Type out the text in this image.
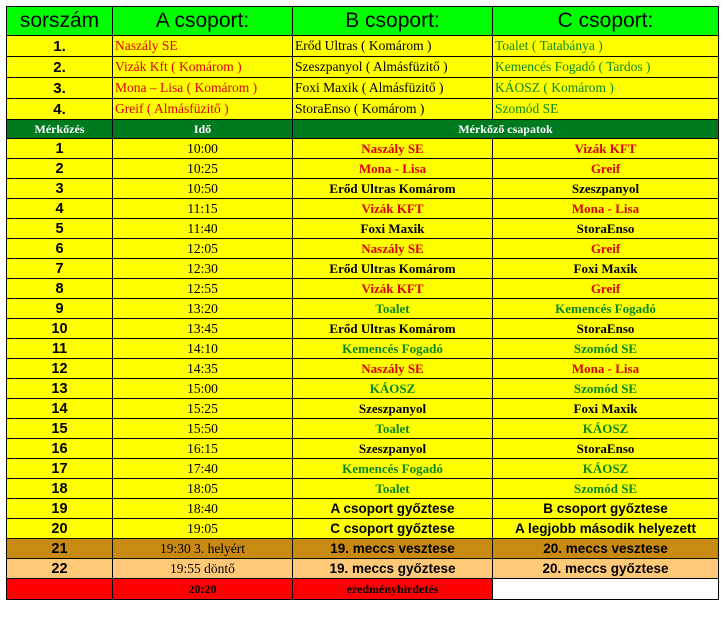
sorszám	A csoport:	B csoport:	C csoport:
1.	Naszály SE	Erőd Ultras ( Komárom )	Toalet ( Tatabánya )
2.	Vizák Kft ( Komárom )	Szeszpanyol ( Almásfüzitő )	Kemencés Fogadó ( Tardos )
3.	Mona – Lisa ( Komárom )	Foxi Maxik ( Almásfüzitő )	KÁOSZ ( Komárom )
4.	Greif ( Almásfüzitő )	StoraEnso ( Komárom )	Szomód SE
Mérkőzés	Idő	Mérkőző csapatok	
1	10:00	Naszály SE	Vizák KFT
2	10:25	Mona - Lisa	Greif
3	10:50	Erőd Ultras Komárom	Szeszpanyol
4	11:15	Vizák KFT	Mona - Lisa
5	11:40	Foxi Maxik	StoraEnso
6	12:05	Naszály SE	Greif
7	12:30	Erőd Ultras Komárom	Foxi Maxik
8	12:55	Vizák KFT	Greif
9	13:20	Toalet	Kemencés Fogadó
10	13:45	Erőd Ultras Komárom	StoraEnso
11	14:10	Kemencés Fogadó	Szomód SE
12	14:35	Naszály SE	Mona - Lisa
13	15:00	KÁOSZ	Szomód SE
14	15:25	Szeszpanyol	Foxi Maxik
15	15:50	Toalet	KÁOSZ
16	16:15	Szeszpanyol	StoraEnso
17	17:40	Kemencés Fogadó	KÁOSZ
18	18:05	Toalet	Szomód SE
19	18:40	A csoport győztese	B csoport győztese
20	19:05	C csoport győztese	A legjobb második helyezett
21	19:30 3. helyért	19. meccs vesztese	20. meccs vesztese
22	19:55 döntő	19. meccs győztese	20. meccs győztese
	20:20	eredményhirdetés	
